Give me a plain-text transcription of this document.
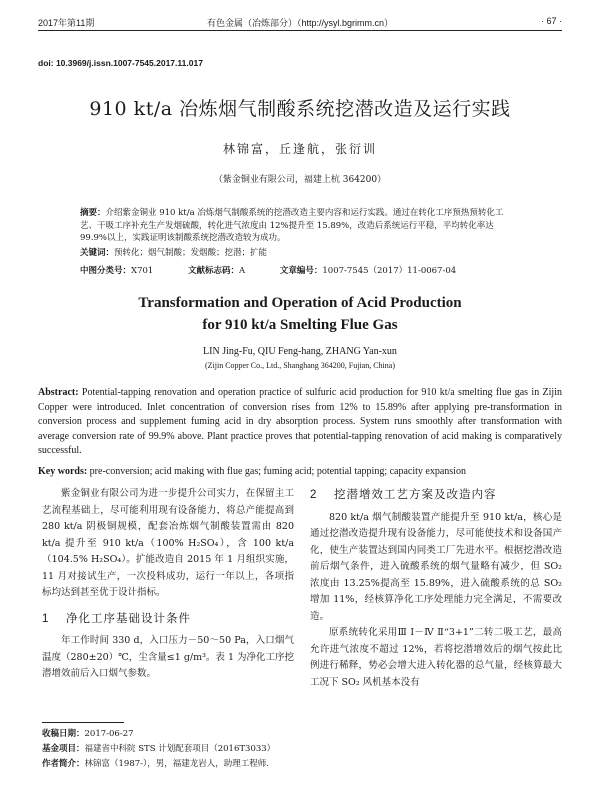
2017年第11期	有色金属（冶炼部分）（http://ysyl.bgrimm.cn）	· 67 ·
doi: 10.3969/j.issn.1007-7545.2017.11.017
910 kt/a 冶炼烟气制酸系统挖潜改造及运行实践
林锦富，丘逢航，张衍训
（紫金铜业有限公司，福建上杭 364200）
摘要：介绍紫金铜业 910 kt/a 冶炼烟气制酸系统的挖潜改造主要内容和运行实践。通过在转化工序预热预转化工艺、干吸工序补充生产发烟硫酸，转化进气浓度由 12%提升至 15.89%，改造后系统运行平稳，平均转化率达 99.9%以上，实践证明该制酸系统挖潜改造较为成功。
关键词：预转化；烟气制酸；发烟酸；挖潜；扩能
中图分类号：X701	文献标志码：A	文章编号：1007-7545（2017）11-0067-04
Transformation and Operation of Acid Production
for 910 kt/a Smelting Flue Gas
LIN Jing-Fu, QIU Feng-hang, ZHANG Yan-xun
(Zijin Copper Co., Ltd., Shanghang 364200, Fujian, China)
Abstract: Potential-tapping renovation and operation practice of sulfuric acid production for 910 kt/a smelting flue gas in Zijin Copper were introduced. Inlet concentration of conversion rises from 12% to 15.89% after applying pre-transformation in conversion process and supplement fuming acid in dry absorption process. System runs smoothly after transformation with average conversion rate of 99.9% above. Plant practice proves that potential-tapping renovation of acid making is comparatively successful.
Key words: pre-conversion; acid making with flue gas; fuming acid; potential tapping; capacity expansion

紫金铜业有限公司为进一步提升公司实力，在保留主工艺流程基础上，尽可能利用现有设备能力，将总产能提高到 280 kt/a 阴极铜规模，配套冶炼烟气制酸装置需由 820 kt/a 提升至 910 kt/a（100% H₂SO₄），含 100 kt/a（104.5% H₂SO₄）。扩能改造自 2015 年 1 月组织实施，11 月对接试生产，一次投料成功，运行一年以上，各项指标均达到甚至优于设计指标。

1 净化工序基础设计条件

年工作时间 330 d，入口压力－50～50 Pa，入口烟气温度（280±20）℃，尘含量≤1 g/m³。表 1 为净化工序挖潜增效前后入口烟气参数。

2 挖潜增效工艺方案及改造内容

820 kt/a 烟气制酸装置产能提升至 910 kt/a，核心是通过挖潜改造提升现有设备能力，尽可能使技术和设备国产化，使生产装置达到国内同类工厂先进水平。根据挖潜改造前后烟气条件，进入硫酸系统的烟气量略有减少，但 SO₂ 浓度由 13.25%提高至 15.89%，进入硫酸系统的总 SO₂ 增加 11%，经核算净化工序处理能力完全满足，不需要改造。

原系统转化采用Ⅲ Ⅰ－Ⅳ Ⅱ“3+1”二转二吸工艺，最高允许进气浓度不超过 12%，若将挖潜增效后的烟气按此比例进行稀释，势必会增大进入转化器的总气量，经核算最大工况下 SO₂ 风机基本没有

收稿日期：2017-06-27
基金项目：福建省中科院 STS 计划配套项目（2016T3033）
作者简介：林锦富（1987-），男，福建龙岩人，助理工程师.
